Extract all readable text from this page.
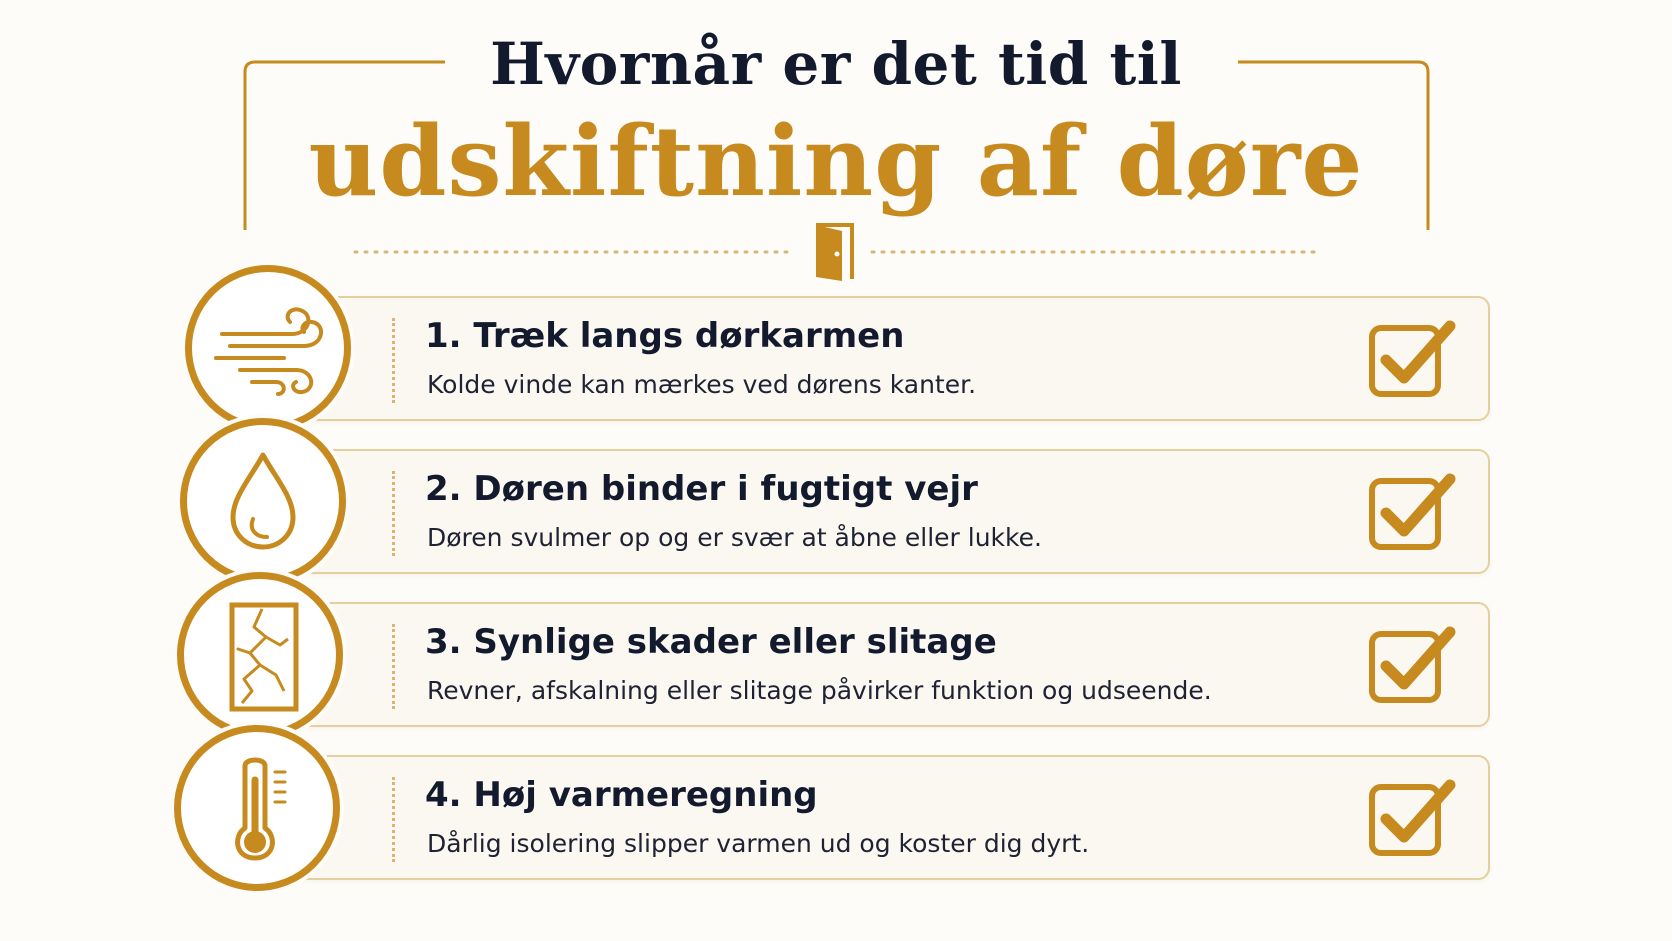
Hvornår er det tid til
udskiftning af døre
1. Træk langs dørkarmen
Kolde vinde kan mærkes ved dørens kanter.
2. Døren binder i fugtigt vejr
Døren svulmer op og er svær at åbne eller lukke.
3. Synlige skader eller slitage
Revner, afskalning eller slitage påvirker funktion og udseende.
4. Høj varmeregning
Dårlig isolering slipper varmen ud og koster dig dyrt.
